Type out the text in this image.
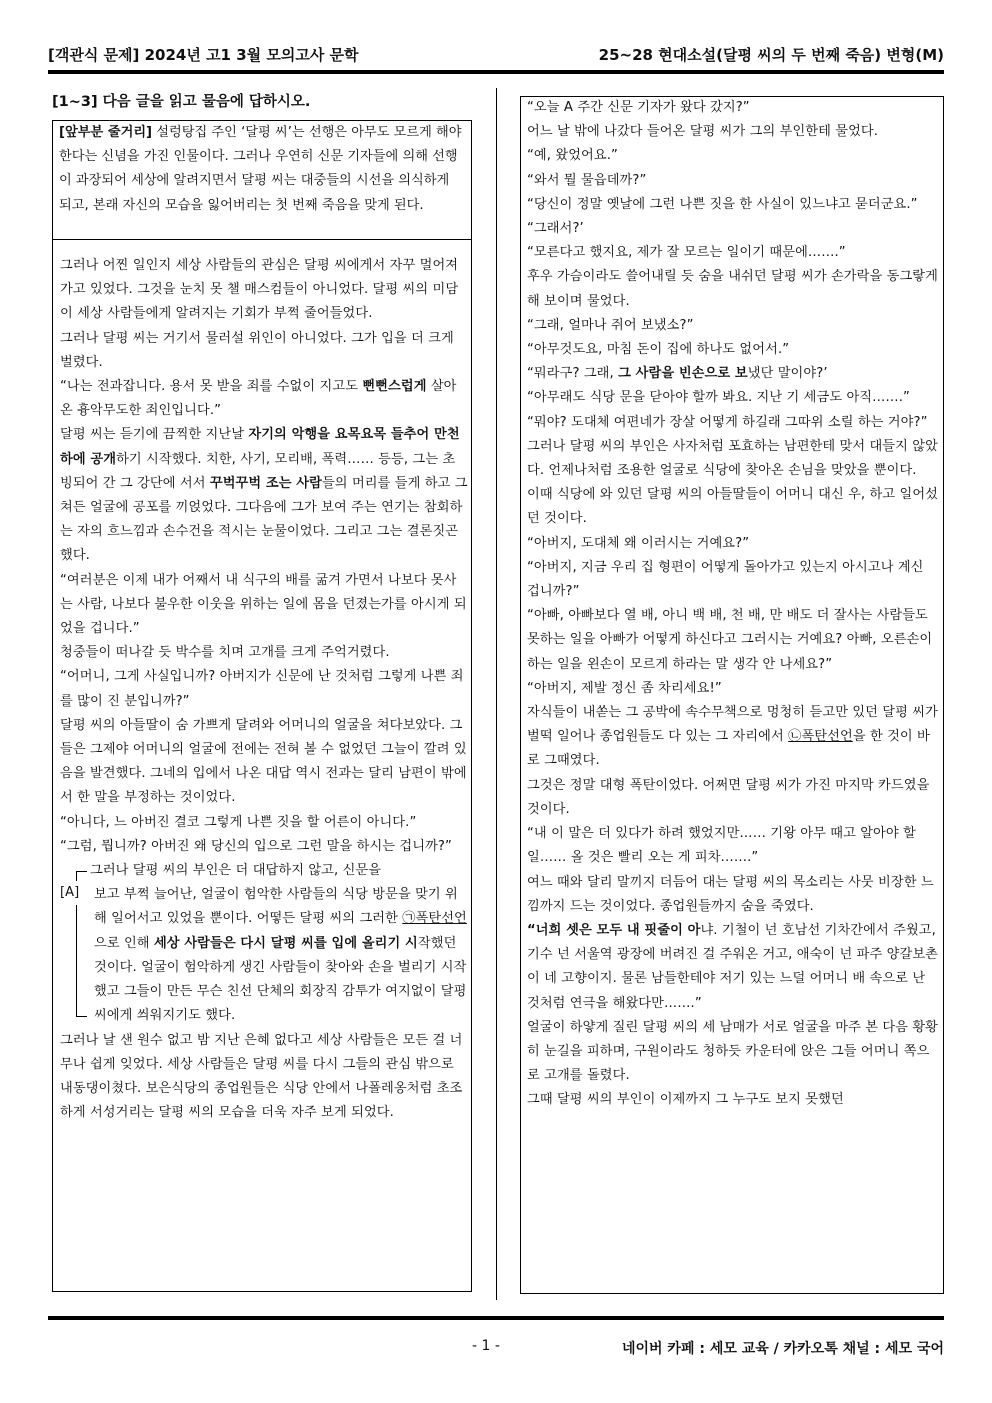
[객관식 문제] 2024년 고1 3월 모의고사 문학	25~28 현대소설(달평 씨의 두 번째 죽음) 변형(M)
[1~3] 다음 글을 읽고 물음에 답하시오.
[앞부분 줄거리] 설렁탕집 주인 ‘달평 씨’는 선행은 아무도 모르게 해야 한다는 신념을 가진 인물이다. 그러나 우연히 신문 기자들에 의해 선행이 과장되어 세상에 알려지면서 달평 씨는 대중들의 시선을 의식하게 되고, 본래 자신의 모습을 잃어버리는 첫 번째 죽음을 맞게 된다.

그러나 어찐 일인지 세상 사람들의 관심은 달평 씨에게서 자꾸 멀어져가고 있었다. 그것을 눈치 못 챌 매스컴들이 아니었다. 달평 씨의 미담이 세상 사람들에게 알려지는 기회가 부쩍 줄어들었다.

그러나 달평 씨는 거기서 물러설 위인이 아니었다. 그가 입을 더 크게 벌렸다.

“나는 전과잡니다. 용서 못 받을 죄를 수없이 지고도 뻔뻔스럽게 살아온 흉악무도한 죄인입니다.”

달평 씨는 듣기에 끔찍한 지난날 자기의 악행을 요목요목 들추어 만천하에 공개하기 시작했다. 치한, 사기, 모리배, 폭력…… 등등, 그는 초빙되어 간 그 강단에 서서 꾸벅꾸벅 조는 사람들의 머리를 들게 하고 그 쳐든 얼굴에 공포를 끼얹었다. 그다음에 그가 보여 주는 연기는 참회하는 자의 흐느낌과 손수건을 적시는 눈물이었다. 그리고 그는 결론짓곤 했다.

“여러분은 이제 내가 어째서 내 식구의 배를 굶겨 가면서 나보다 못사는 사람, 나보다 불우한 이웃을 위하는 일에 몸을 던졌는가를 아시게 되었을 겁니다.”

청중들이 떠나갈 듯 박수를 치며 고개를 크게 주억거렸다.

“어머니, 그게 사실입니까? 아버지가 신문에 난 것처럼 그렇게 나쁜 죄를 많이 진 분입니까?”

달평 씨의 아들딸이 숨 가쁘게 달려와 어머니의 얼굴을 쳐다보았다. 그들은 그제야 어머니의 얼굴에 전에는 전혀 볼 수 없었던 그늘이 깔려 있음을 발견했다. 그네의 입에서 나온 대답 역시 전과는 달리 남편이 밖에서 한 말을 부정하는 것이었다.

“아니다, 느 아버진 결코 그렇게 나쁜 짓을 할 어른이 아니다.”

“그럼, 뭡니까? 아버진 왜 당신의 입으로 그런 말을 하시는 겁니까?”

[A]

그러나 달평 씨의 부인은 더 대답하지 않고, 신문을

보고 부쩍 늘어난, 얼굴이 험악한 사람들의 식당 방문을 맞기 위해 일어서고 있었을 뿐이다. 어떻든 달평 씨의 그러한 ㉠폭탄선언으로 인해 세상 사람들은 다시 달평 씨를 입에 올리기 시작했던 것이다. 얼굴이 험악하게 생긴 사람들이 찾아와 손을 벌리기 시작했고 그들이 만든 무슨 친선 단체의 회장직 감투가 여지없이 달평 씨에게 씌워지기도 했다.

그러나 날 샌 원수 없고 밤 지난 은혜 없다고 세상 사람들은 모든 걸 너무나 쉽게 잊었다. 세상 사람들은 달평 씨를 다시 그들의 관심 밖으로 내동댕이쳤다. 보은식당의 종업원들은 식당 안에서 나폴레옹처럼 초조하게 서성거리는 달평 씨의 모습을 더욱 자주 보게 되었다.

“오늘 A 주간 신문 기자가 왔다 갔지?”

어느 날 밖에 나갔다 들어온 달평 씨가 그의 부인한테 물었다.

“예, 왔었어요.”

“와서 뭘 물읍데까?”

“당신이 정말 옛날에 그런 나쁜 짓을 한 사실이 있느냐고 묻더군요.”

“그래서?’

“모른다고 했지요, 제가 잘 모르는 일이기 때문에…….”

후우 가슴이라도 쓸어내릴 듯 숨을 내쉬던 달평 씨가 손가락을 동그랗게 해 보이며 물었다.

“그래, 얼마나 쥐어 보냈소?”

“아무것도요, 마침 돈이 집에 하나도 없어서.”

“뭐라구? 그래, 그 사람을 빈손으로 보냈단 말이야?’

“아무래도 식당 문을 닫아야 할까 봐요. 지난 기 세금도 아직…….”

“뭐야? 도대체 여편네가 장살 어떻게 하길래 그따위 소릴 하는 거야?”

그러나 달평 씨의 부인은 사자처럼 포효하는 남편한테 맞서 대들지 않았다. 언제나처럼 조용한 얼굴로 식당에 찾아온 손님을 맞았을 뿐이다.

이때 식당에 와 있던 달평 씨의 아들딸들이 어머니 대신 우, 하고 일어섰던 것이다.

“아버지, 도대체 왜 이러시는 거예요?”

“아버지, 지금 우리 집 형편이 어떻게 돌아가고 있는지 아시고나 계신 겁니까?”

“아빠, 아빠보다 열 배, 아니 백 배, 천 배, 만 배도 더 잘사는 사람들도 못하는 일을 아빠가 어떻게 하신다고 그러시는 거예요? 아빠, 오른손이 하는 일을 왼손이 모르게 하라는 말 생각 안 나세요?”

“아버지, 제발 정신 좀 차리세요!”

자식들이 내쏟는 그 공박에 속수무책으로 멍청히 듣고만 있던 달평 씨가 벌떡 일어나 종업원들도 다 있는 그 자리에서 ㉡폭탄선언을 한 것이 바로 그때였다.

그것은 정말 대형 폭탄이었다. 어쩌면 달평 씨가 가진 마지막 카드였을 것이다.

“내 이 말은 더 있다가 하려 했었지만…… 기왕 아무 때고 알아야 할 일…… 올 것은 빨리 오는 게 피차…….”

여느 때와 달리 말끼지 더듬어 대는 달평 씨의 목소리는 사뭇 비장한 느낌까지 드는 것이었다. 종업원들까지 숨을 죽였다.

“너희 셋은 모두 내 핏줄이 아냐. 기철이 넌 호남선 기차간에서 주웠고, 기수 넌 서울역 광장에 버려진 걸 주워온 거고, 애숙이 넌 파주 양갈보촌이 네 고향이지. 물론 남들한테야 저기 있는 느덜 어머니 배 속으로 난 것처럼 연극을 해왔다만…….”

얼굴이 하얗게 질린 달평 씨의 세 남매가 서로 얼굴을 마주 본 다음 황황히 눈길을 피하며, 구원이라도 청하듯 카운터에 앉은 그들 어머니 쪽으로 고개를 돌렸다.

그때 달평 씨의 부인이 이제까지 그 누구도 보지 못했던

- 1 -	네이버 카페 : 세모 교육 / 카카오톡 채널 : 세모 국어
